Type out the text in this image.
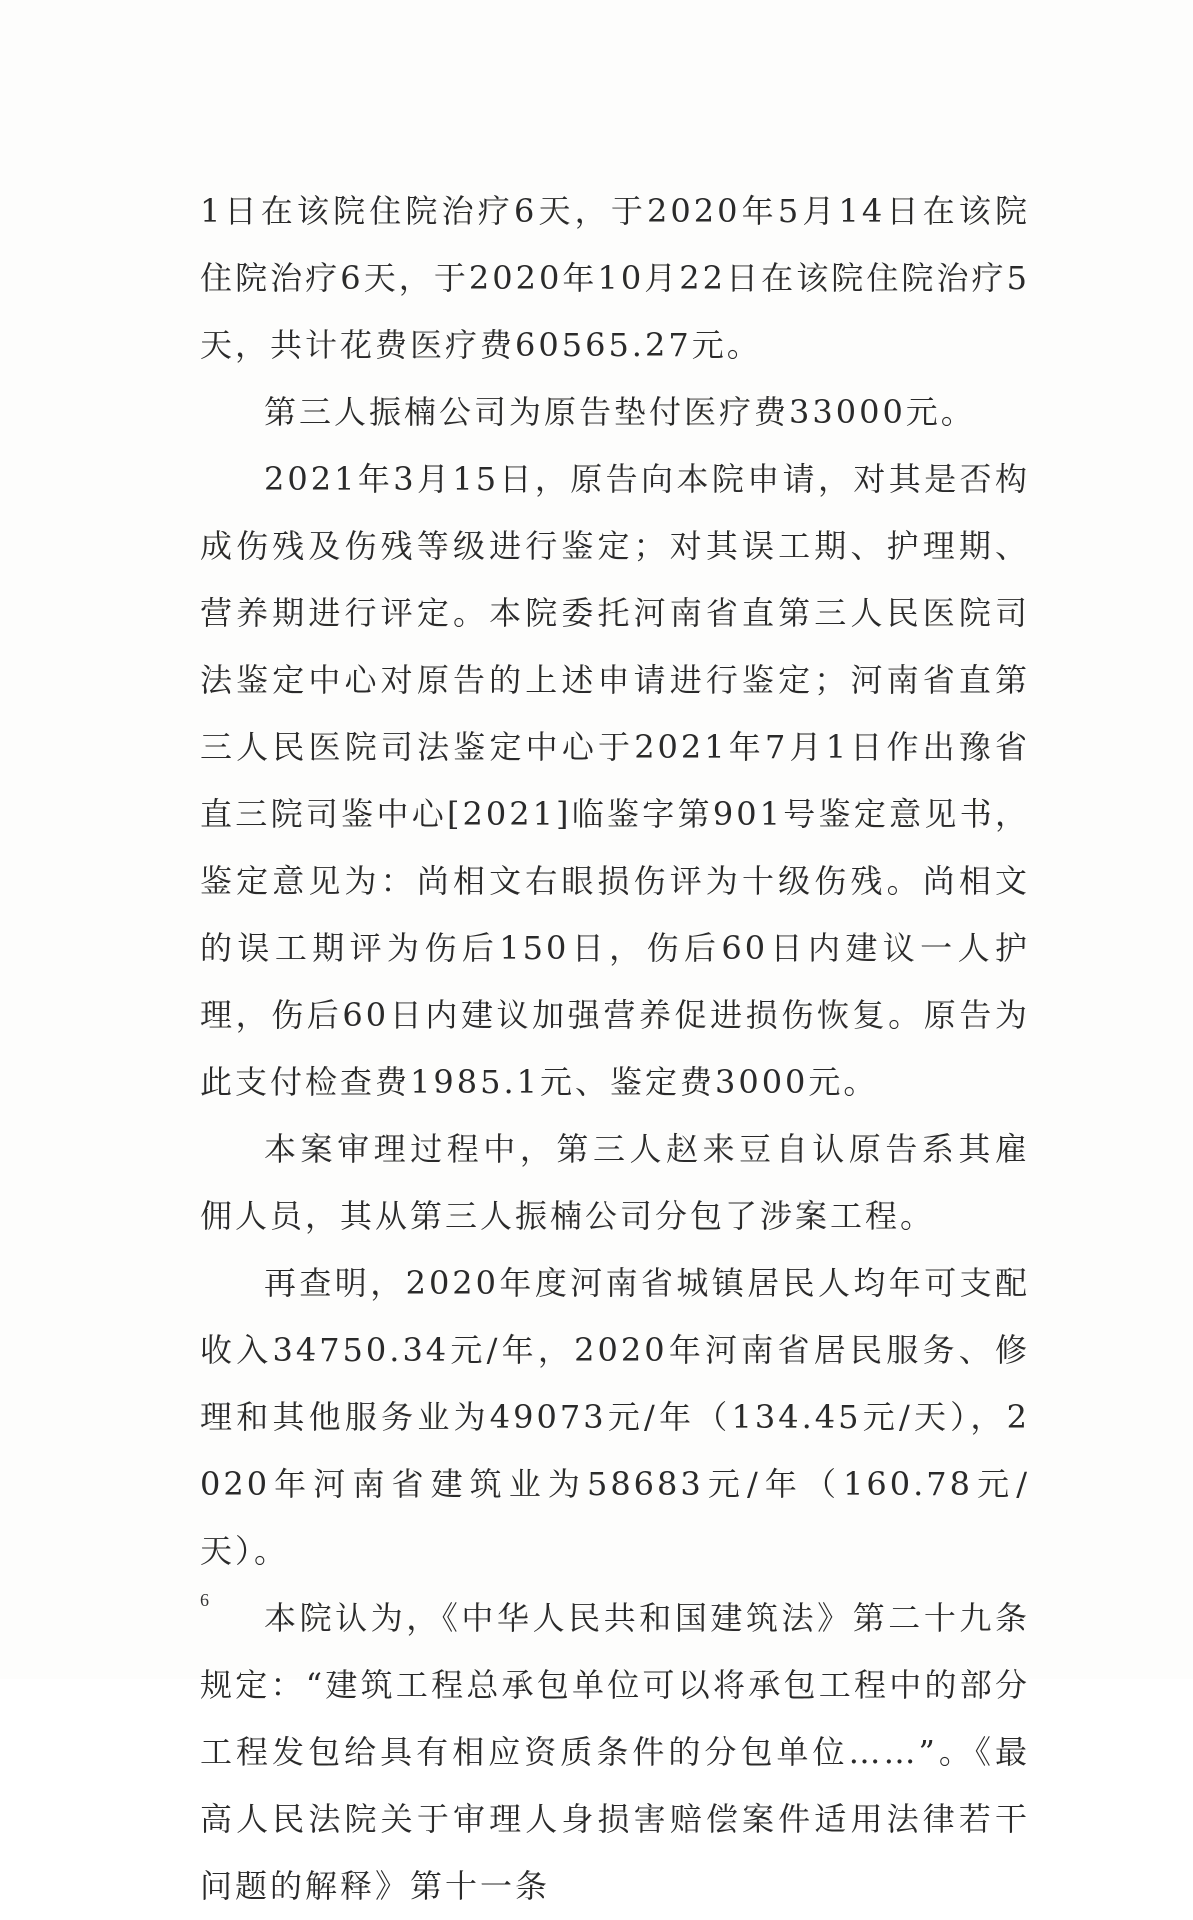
1日在该院住院治疗6天，于2020年5月14日在该院住院治疗6天，于2020年10月22日在该院住院治疗5天，共计花费医疗费60565.27元。

第三人振楠公司为原告垫付医疗费33000元。

2021年3月15日，原告向本院申请，对其是否构成伤残及伤残等级进行鉴定；对其误工期、护理期、营养期进行评定。本院委托河南省直第三人民医院司法鉴定中心对原告的上述申请进行鉴定；河南省直第三人民医院司法鉴定中心于2021年7月1日作出豫省直三院司鉴中心[2021]临鉴字第901号鉴定意见书，鉴定意见为：尚相文右眼损伤评为十级伤残。尚相文的误工期评为伤后150日，伤后60日内建议一人护理，伤后60日内建议加强营养促进损伤恢复。原告为此支付检查费1985.1元、鉴定费3000元。

本案审理过程中，第三人赵来豆自认原告系其雇佣人员，其从第三人振楠公司分包了涉案工程。

再查明，2020年度河南省城镇居民人均年可支配收入34750.34元/年，2020年河南省居民服务、修理和其他服务业为49073元/年（134.45元/天），2020年河南省建筑业为58683元/年（160.78元/天）。

本院认为，《中华人民共和国建筑法》第二十九条规定：“建筑工程总承包单位可以将承包工程中的部分工程发包给具有相应资质条件的分包单位……”。《最高人民法院关于审理人身损害赔偿案件适用法律若干问题的解释》第十一条

6
